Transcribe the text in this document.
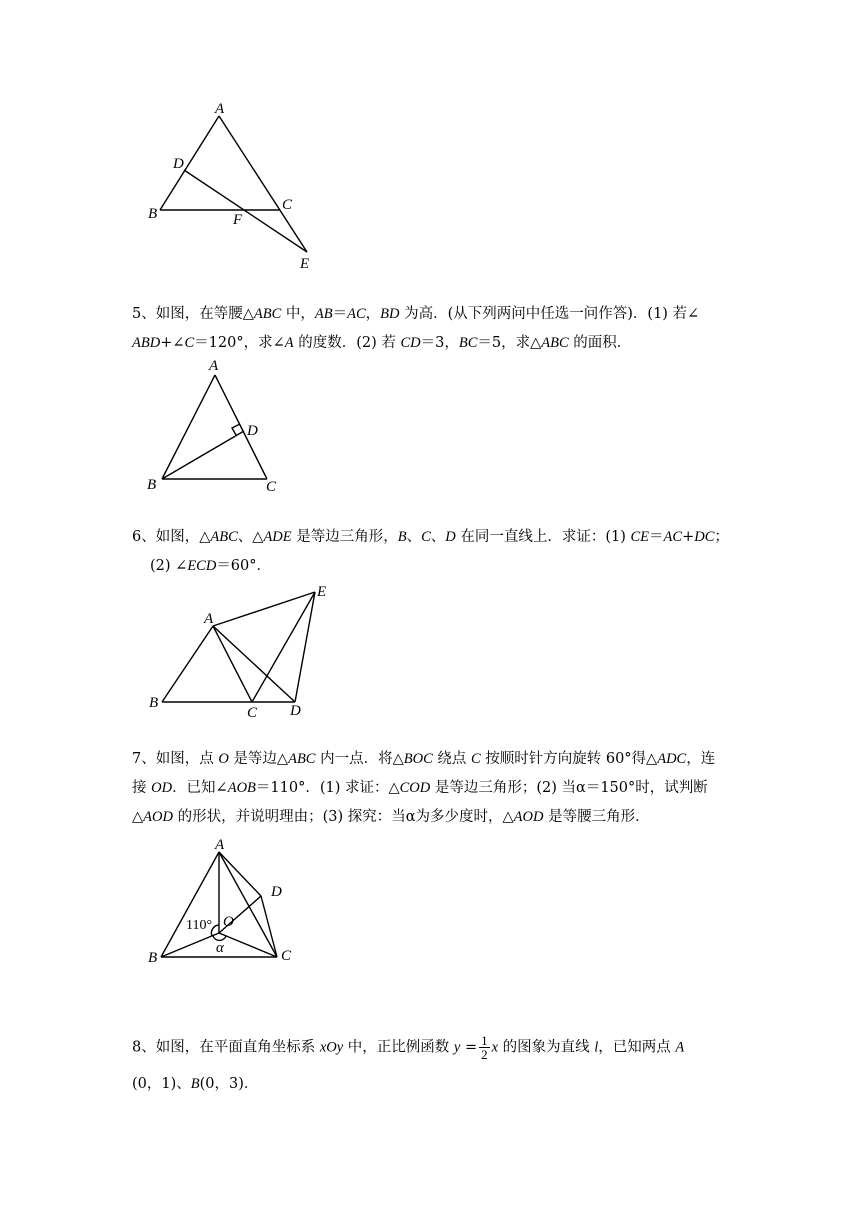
A
D
B
C
F
E
5、如图，在等腰△ABC 中，AB＝AC，BD 为高．(从下列两问中任选一问作答)．(1) 若∠
ABD+∠C＝120°，求∠A 的度数．(2) 若 CD＝3，BC＝5，求△ABC 的面积．
A
D
B	C
6、如图，△ABC、△ADE 是等边三角形，B、C、D 在同一直线上．求证：(1) CE＝AC+DC；
(2) ∠ECD＝60°．
A
E
B
C D
7、如图，点 O 是等边△ABC 内一点．将△BOC 绕点 C 按顺时针方向旋转 60°得△ADC，连
接 OD．已知∠AOB＝110°．(1) 求证：△COD 是等边三角形；(2) 当α＝150°时，试判断
△AOD 的形状，并说明理由；(3) 探究：当α为多少度时，△AOD 是等腰三角形．
A
D
O
110°
α
B	C
8、如图，在平面直角坐标系 xOy 中，正比例函数 $y = \frac{1}{2}$ x 的图象为直线 l，已知两点 A
(0，1)、B(0，3)．
